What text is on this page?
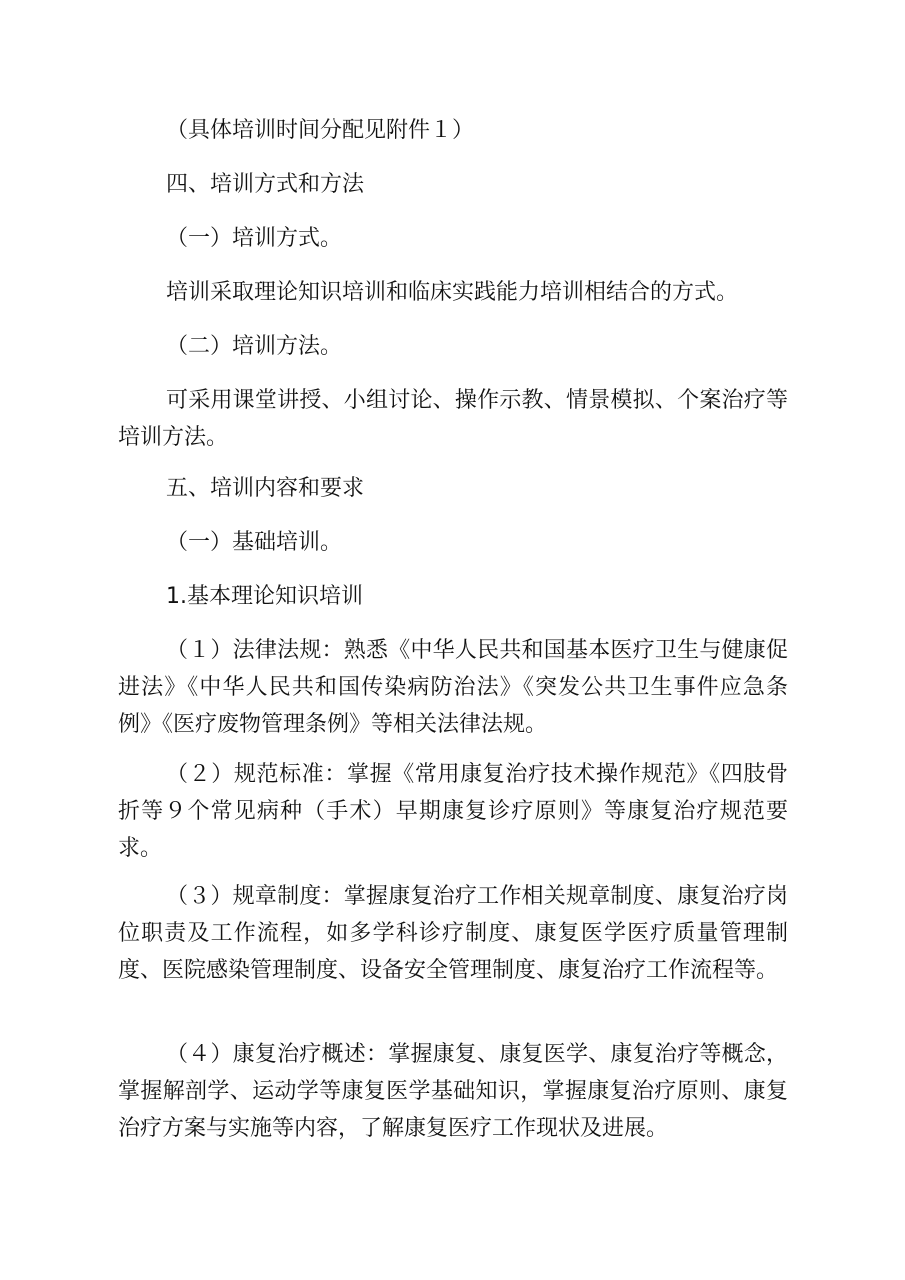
（具体培训时间分配见附件１）

四、培训方式和方法

（一）培训方式。

培训采取理论知识培训和临床实践能力培训相结合的方式。

（二）培训方法。

可采用课堂讲授、小组讨论、操作示教、情景模拟、个案治疗等培训方法。

五、培训内容和要求

（一）基础培训。

1.基本理论知识培训

（１）法律法规：熟悉《中华人民共和国基本医疗卫生与健康促进法》《中华人民共和国传染病防治法》《突发公共卫生事件应急条例》《医疗废物管理条例》等相关法律法规。

（２）规范标准：掌握《常用康复治疗技术操作规范》《四肢骨折等９个常见病种（手术）早期康复诊疗原则》等康复治疗规范要求。

（３）规章制度：掌握康复治疗工作相关规章制度、康复治疗岗位职责及工作流程，如多学科诊疗制度、康复医学医疗质量管理制度、医院感染管理制度、设备安全管理制度、康复治疗工作流程等。

（４）康复治疗概述：掌握康复、康复医学、康复治疗等概念，掌握解剖学、运动学等康复医学基础知识，掌握康复治疗原则、康复治疗方案与实施等内容，了解康复医疗工作现状及进展。
